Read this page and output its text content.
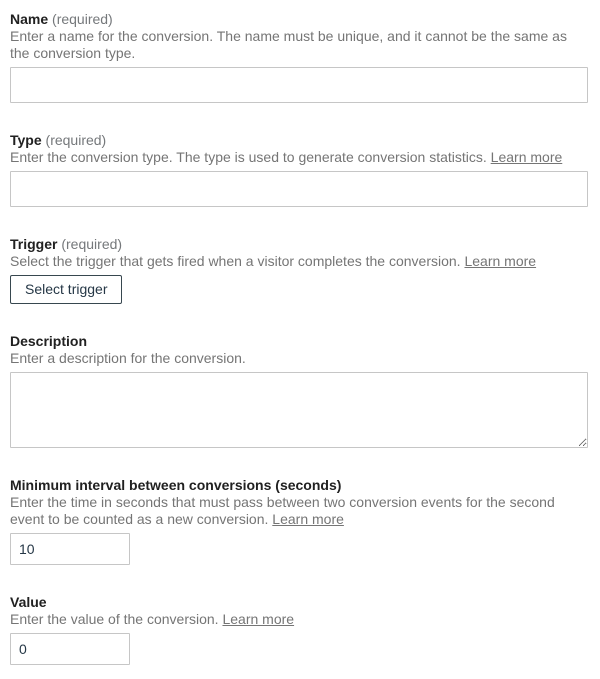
Name (required)

Enter a name for the conversion. The name must be unique, and it cannot be the same as the conversion type.

Type (required)

Enter the conversion type. The type is used to generate conversion statistics. Learn more

Trigger (required)

Select the trigger that gets fired when a visitor completes the conversion. Learn more

Select trigger
Description

Enter a description for the conversion.

Minimum interval between conversions (seconds)

Enter the time in seconds that must pass between two conversion events for the second event to be counted as a new conversion. Learn more

10
Value

Enter the value of the conversion. Learn more

0
